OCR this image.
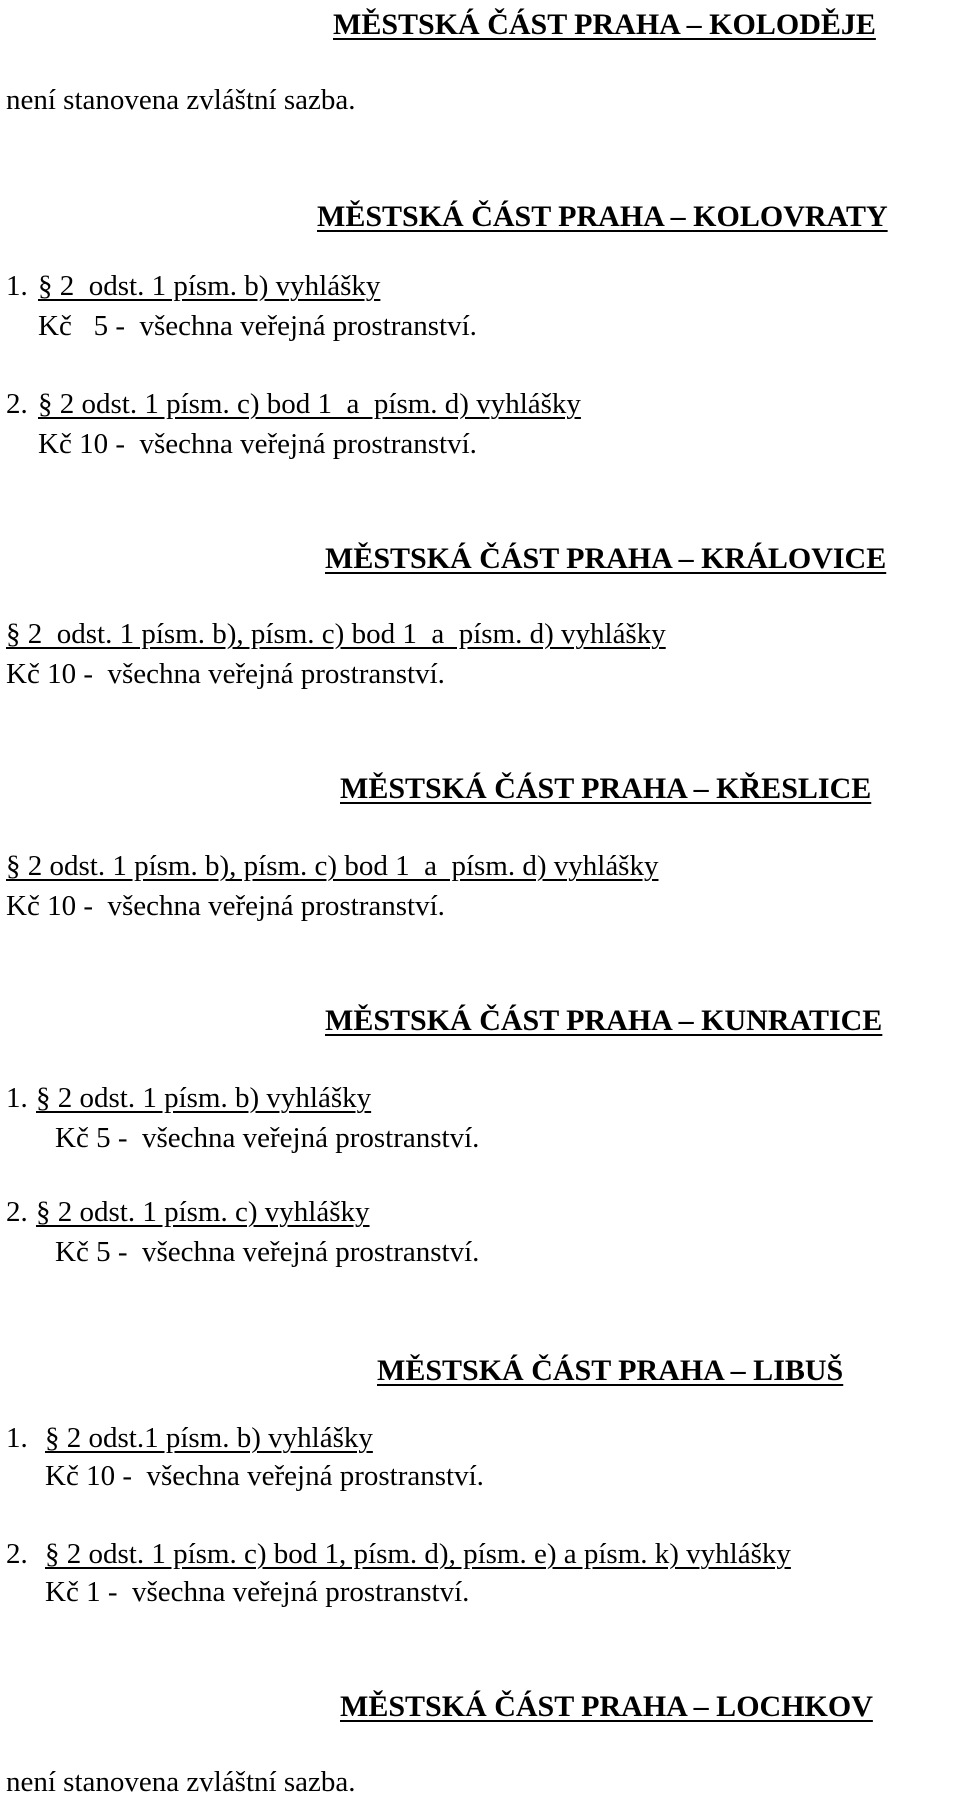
MĚSTSKÁ ČÁST PRAHA – KOLODĚJE
není stanovena zvláštní sazba.
MĚSTSKÁ ČÁST PRAHA – KOLOVRATY
1. § 2  odst. 1 písm. b) vyhlášky
Kč   5 -  všechna veřejná prostranství.
2. § 2 odst. 1 písm. c) bod 1  a  písm. d) vyhlášky
Kč 10 -  všechna veřejná prostranství.
MĚSTSKÁ ČÁST PRAHA – KRÁLOVICE
§ 2  odst. 1 písm. b), písm. c) bod 1  a  písm. d) vyhlášky
Kč 10 -  všechna veřejná prostranství.
MĚSTSKÁ ČÁST PRAHA – KŘESLICE
§ 2 odst. 1 písm. b), písm. c) bod 1  a  písm. d) vyhlášky
Kč 10 -  všechna veřejná prostranství.
MĚSTSKÁ ČÁST PRAHA – KUNRATICE
1. § 2 odst. 1 písm. b) vyhlášky
Kč 5 -  všechna veřejná prostranství.
2. § 2 odst. 1 písm. c) vyhlášky
Kč 5 -  všechna veřejná prostranství.
MĚSTSKÁ ČÁST PRAHA – LIBUŠ
1. § 2 odst.1 písm. b) vyhlášky
Kč 10 -  všechna veřejná prostranství.
2. § 2 odst. 1 písm. c) bod 1, písm. d), písm. e) a písm. k) vyhlášky
Kč 1 -  všechna veřejná prostranství.
MĚSTSKÁ ČÁST PRAHA – LOCHKOV
není stanovena zvláštní sazba.
